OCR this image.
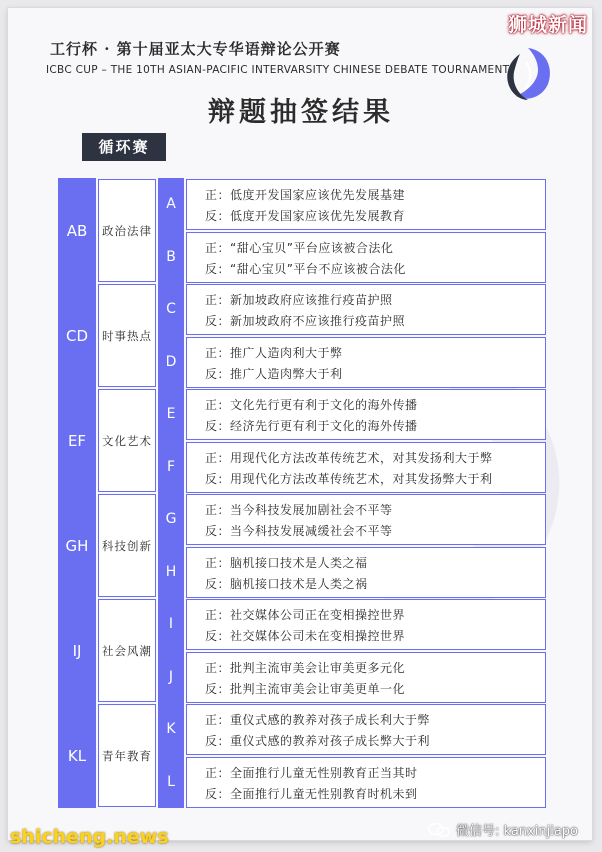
狮城新闻
工行杯 · 第十届亚太大专华语辩论公开赛
ICBC CUP – THE 10TH ASIAN-PACIFIC INTERVARSITY CHINESE DEBATE TOURNAMENT
辩题抽签结果
循环赛
AB
CD
EF
GH
IJ
KL
政治法律
时事热点
文化艺术
科技创新
社会风潮
青年教育
A
B
C
D
E
F
G
H
I
J
K
L
正：低度开发国家应该优先发展基建
反：低度开发国家应该优先发展教育
正：“甜心宝贝”平台应该被合法化
反：“甜心宝贝”平台不应该被合法化
正：新加坡政府应该推行疫苗护照
反：新加坡政府不应该推行疫苗护照
正：推广人造肉利大于弊
反：推广人造肉弊大于利
正：文化先行更有利于文化的海外传播
反：经济先行更有利于文化的海外传播
正：用现代化方法改革传统艺术，对其发扬利大于弊
反：用现代化方法改革传统艺术，对其发扬弊大于利
正：当今科技发展加剧社会不平等
反：当今科技发展减缓社会不平等
正：脑机接口技术是人类之福
反：脑机接口技术是人类之祸
正：社交媒体公司正在变相操控世界
反：社交媒体公司未在变相操控世界
正：批判主流审美会让审美更多元化
反：批判主流审美会让审美更单一化
正：重仪式感的教养对孩子成长利大于弊
反：重仪式感的教养对孩子成长弊大于利
正：全面推行儿童无性别教育正当其时
反：全面推行儿童无性别教育时机未到
shicheng.news	微信号: kanxinjiapo
